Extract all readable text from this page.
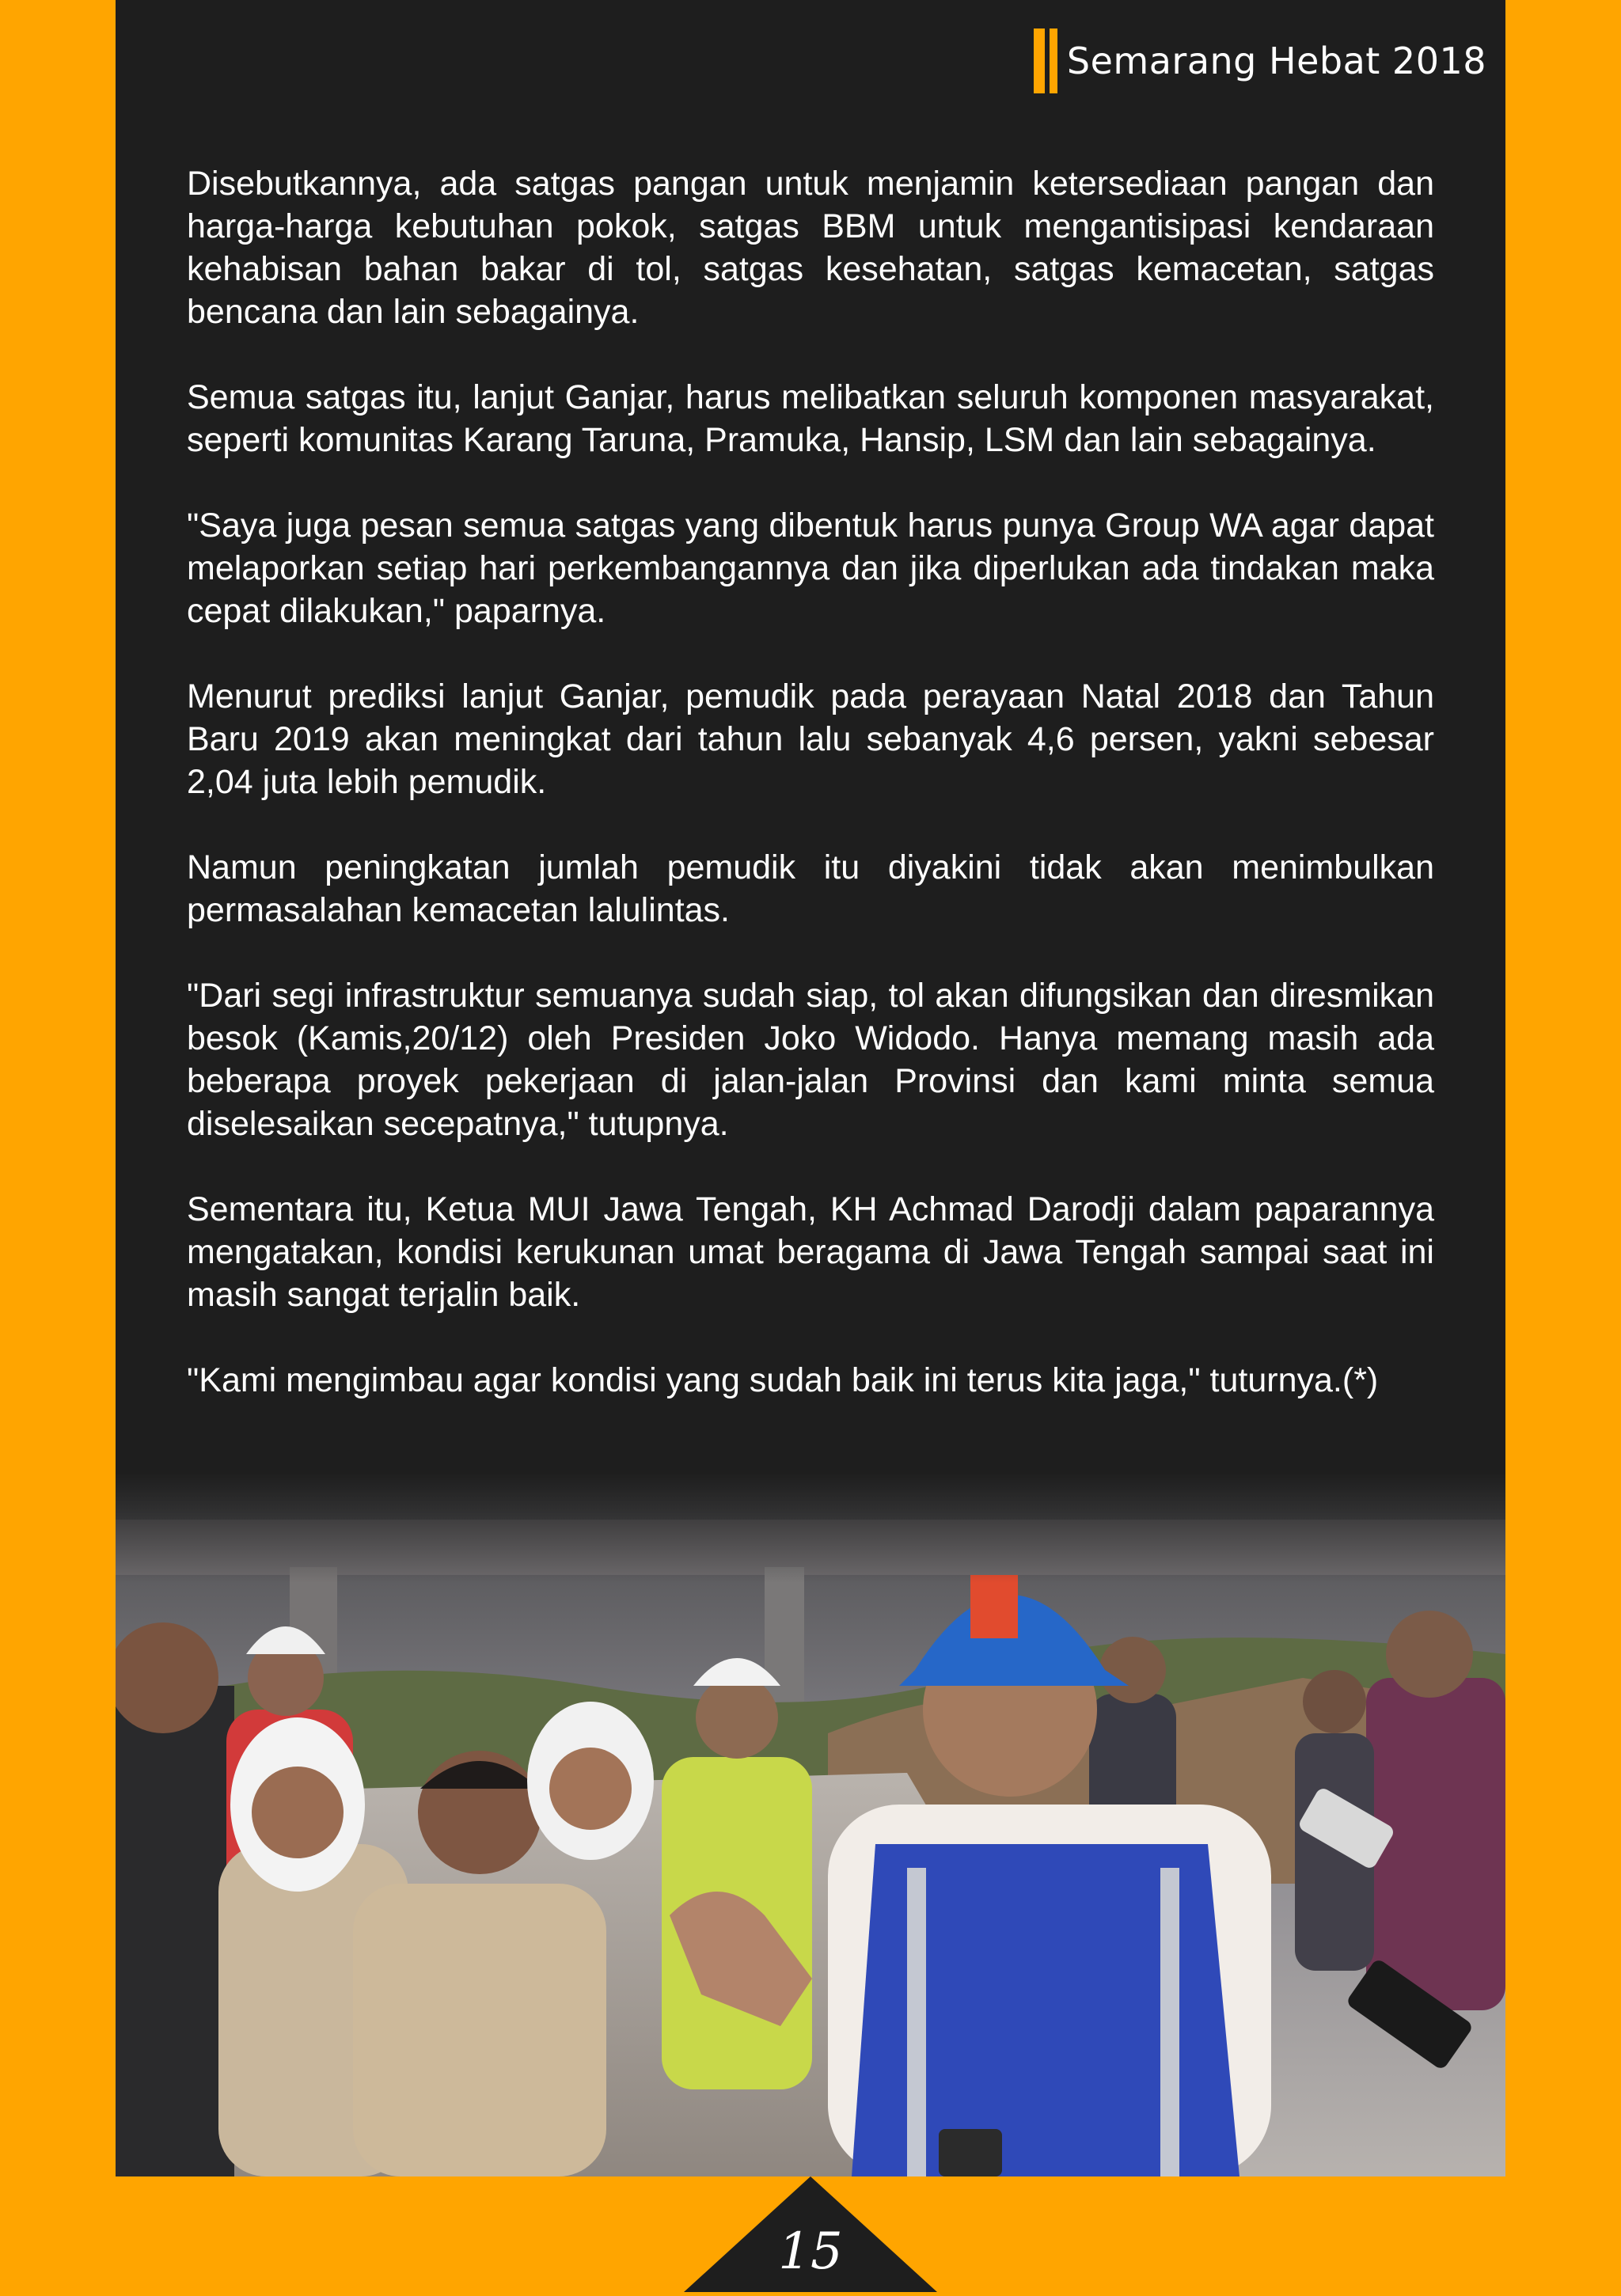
Semarang Hebat 2018

Disebutkannya, ada satgas pangan untuk menjamin ketersediaan pangan dan harga-harga kebutuhan pokok, satgas BBM untuk mengantisipasi kendaraan kehabisan bahan bakar di tol, satgas kesehatan, satgas kemacetan, satgas bencana dan lain sebagainya.

Semua satgas itu, lanjut Ganjar, harus melibatkan seluruh komponen masyarakat, seperti komunitas Karang Taruna, Pramuka, Hansip, LSM dan lain sebagainya.

"Saya juga pesan semua satgas yang dibentuk harus punya Group WA agar dapat melaporkan setiap hari perkembangannya dan jika diperlukan ada tindakan maka cepat dilakukan," paparnya.

Menurut prediksi lanjut Ganjar, pemudik pada perayaan Natal 2018 dan Tahun Baru 2019 akan meningkat dari tahun lalu sebanyak 4,6 persen, yakni sebesar 2,04 juta lebih pemudik.

Namun peningkatan jumlah pemudik itu diyakini tidak akan menimbulkan permasalahan kemacetan lalulintas.

"Dari segi infrastruktur semuanya sudah siap, tol akan difungsikan dan diresmikan besok (Kamis,20/12) oleh Presiden Joko Widodo. Hanya memang masih ada beberapa proyek pekerjaan di jalan-jalan Provinsi dan kami minta semua diselesaikan secepatnya," tutupnya.

Sementara itu, Ketua MUI Jawa Tengah, KH Achmad Darodji dalam paparannya mengatakan, kondisi kerukunan umat beragama di Jawa Tengah sampai saat ini masih sangat terjalin baik.

"Kami mengimbau agar kondisi yang sudah baik ini terus kita jaga," tuturnya.(*)

15
